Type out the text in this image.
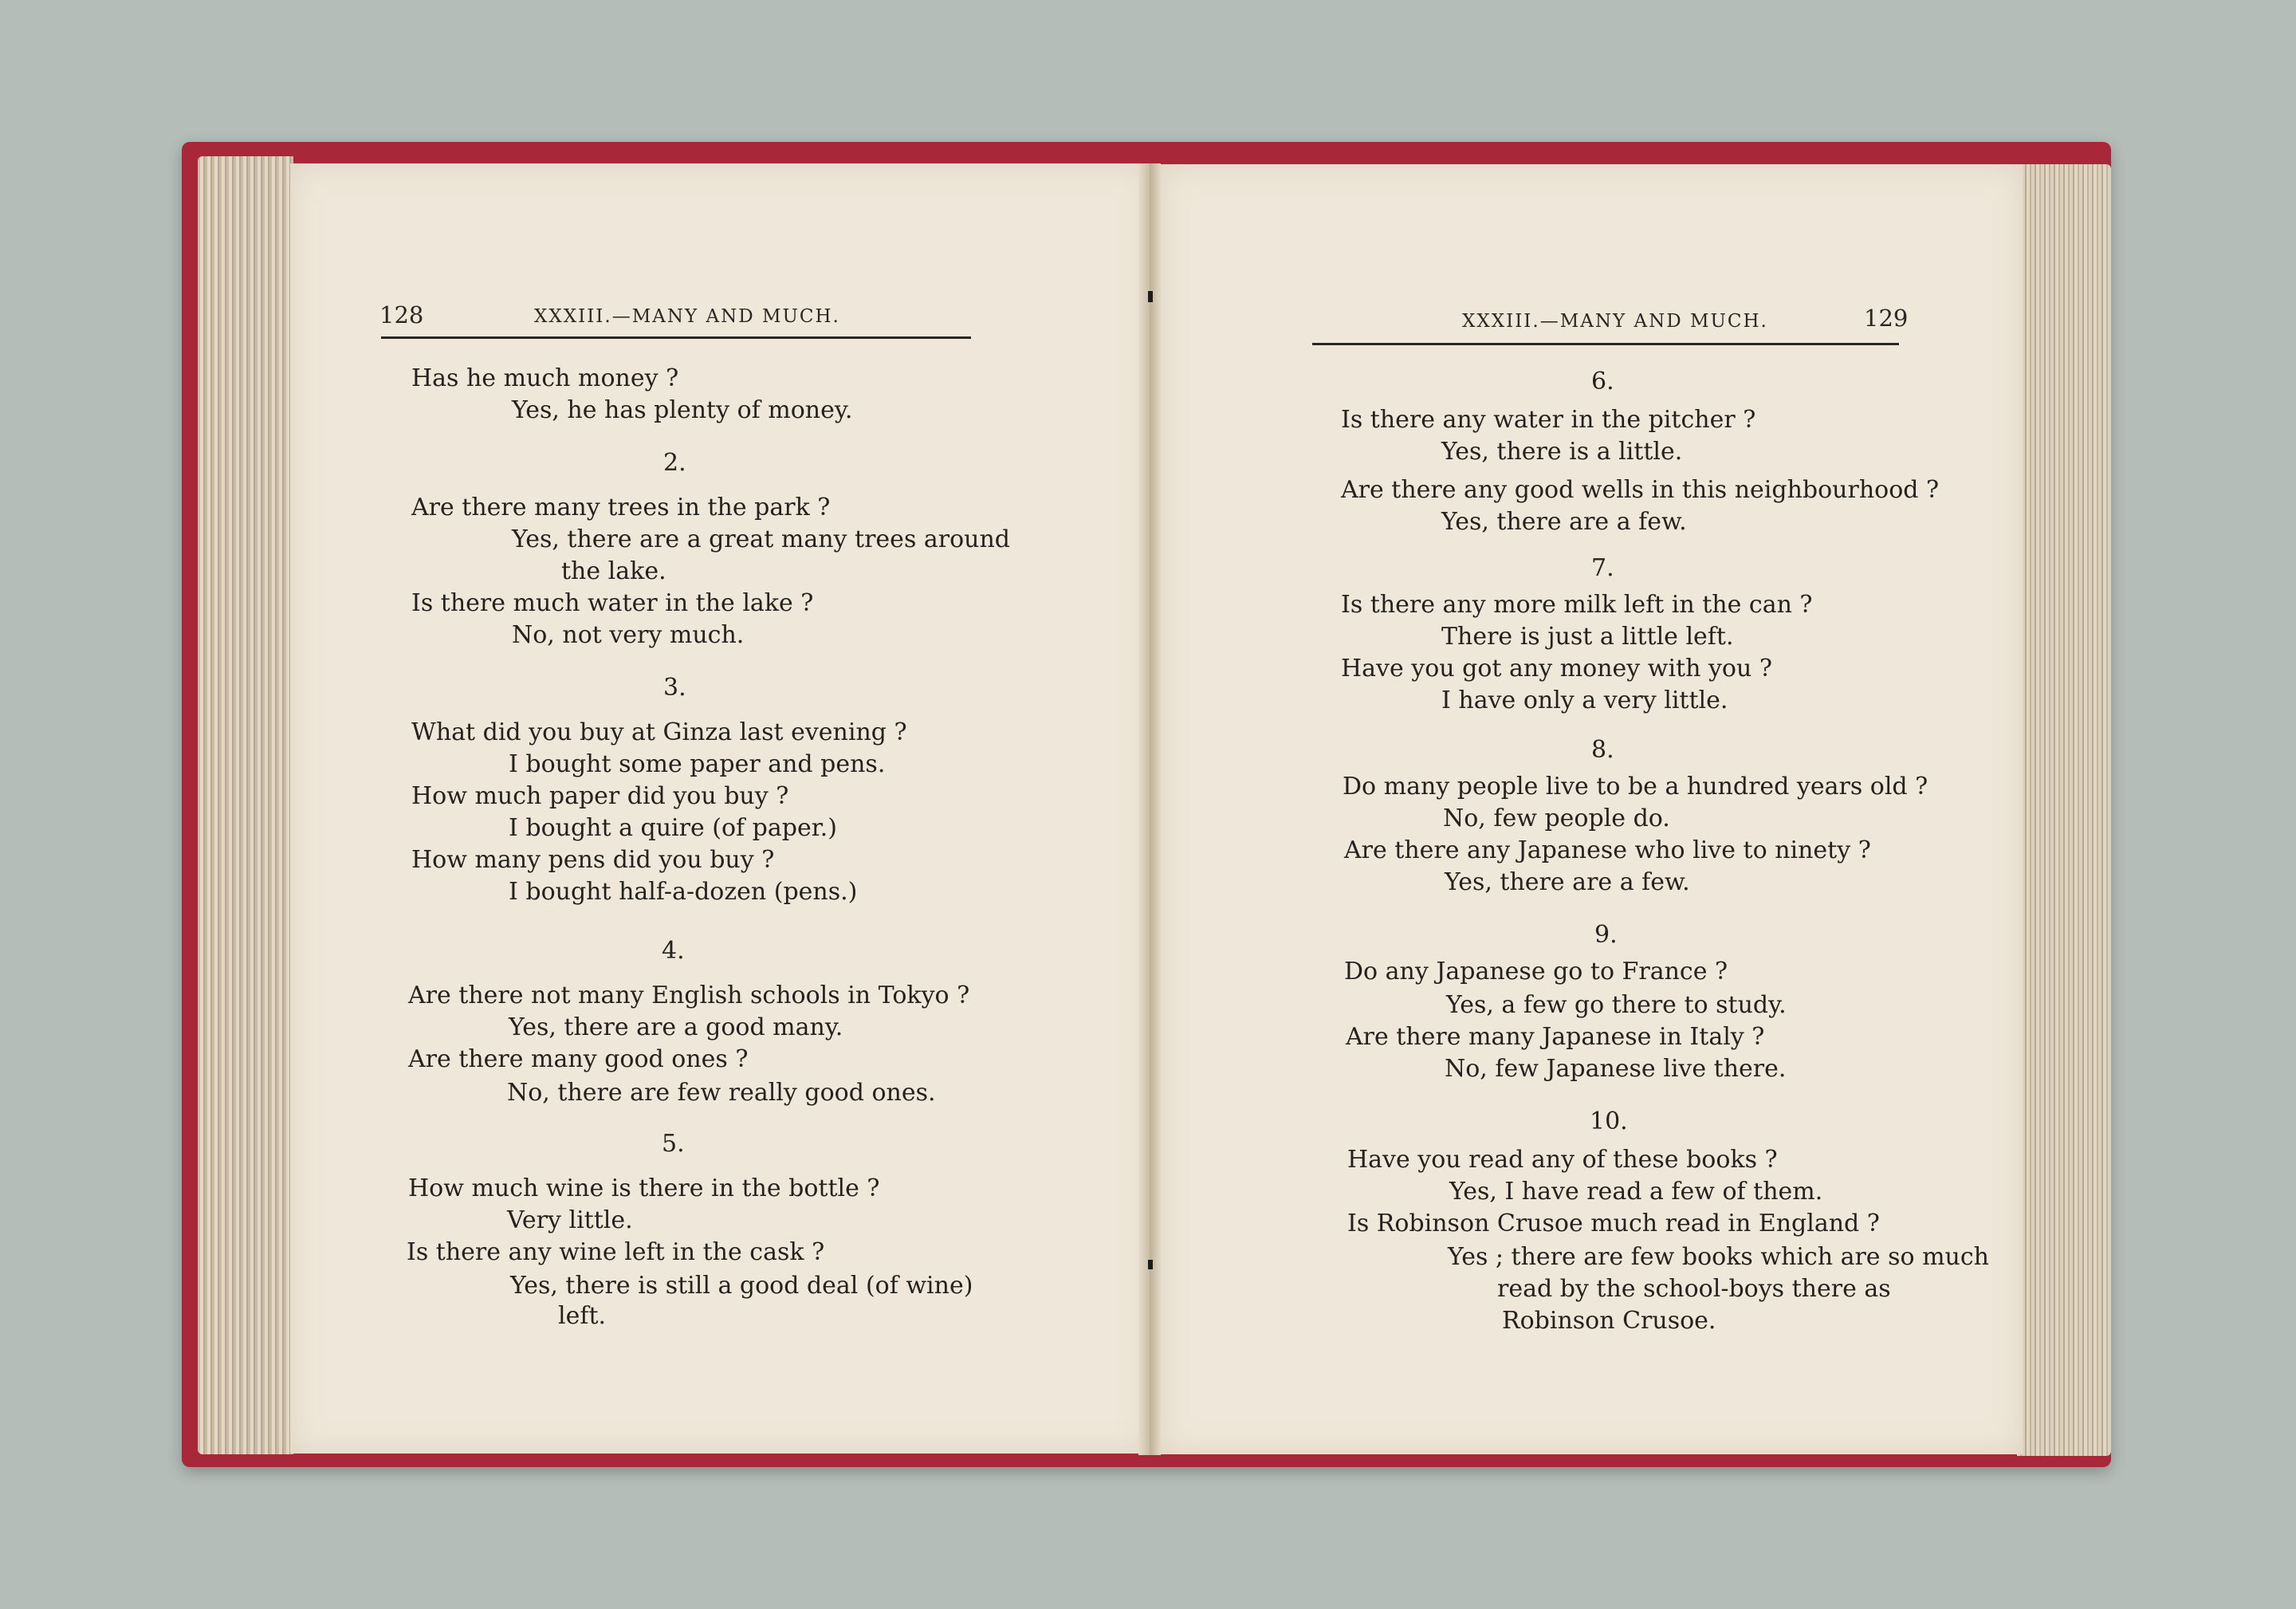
128	XXXIII.—MANY AND MUCH.
Has he much money ?
Yes, he has plenty of money.
2.
Are there many trees in the park ?
Yes, there are a great many trees around
the lake.
Is there much water in the lake ?
No, not very much.
3.
What did you buy at Ginza last evening ?
I bought some paper and pens.
How much paper did you buy ?
I bought a quire (of paper.)
How many pens did you buy ?
I bought half-a-dozen (pens.)
4.
Are there not many English schools in Tokyo ?
Yes, there are a good many.
Are there many good ones ?
No, there are few really good ones.
5.
How much wine is there in the bottle ?
Very little.
Is there any wine left in the cask ?
Yes, there is still a good deal (of wine)
left.
XXXIII.—MANY AND MUCH.	129
6.
Is there any water in the pitcher ?
Yes, there is a little.
Are there any good wells in this neighbourhood ?
Yes, there are a few.
7.
Is there any more milk left in the can ?
There is just a little left.
Have you got any money with you ?
I have only a very little.
8.
Do many people live to be a hundred years old ?
No, few people do.
Are there any Japanese who live to ninety ?
Yes, there are a few.
9.
Do any Japanese go to France ?
Yes, a few go there to study.
Are there many Japanese in Italy ?
No, few Japanese live there.
10.
Have you read any of these books ?
Yes, I have read a few of them.
Is Robinson Crusoe much read in England ?
Yes ; there are few books which are so much
read by the school-boys there as
Robinson Crusoe.
